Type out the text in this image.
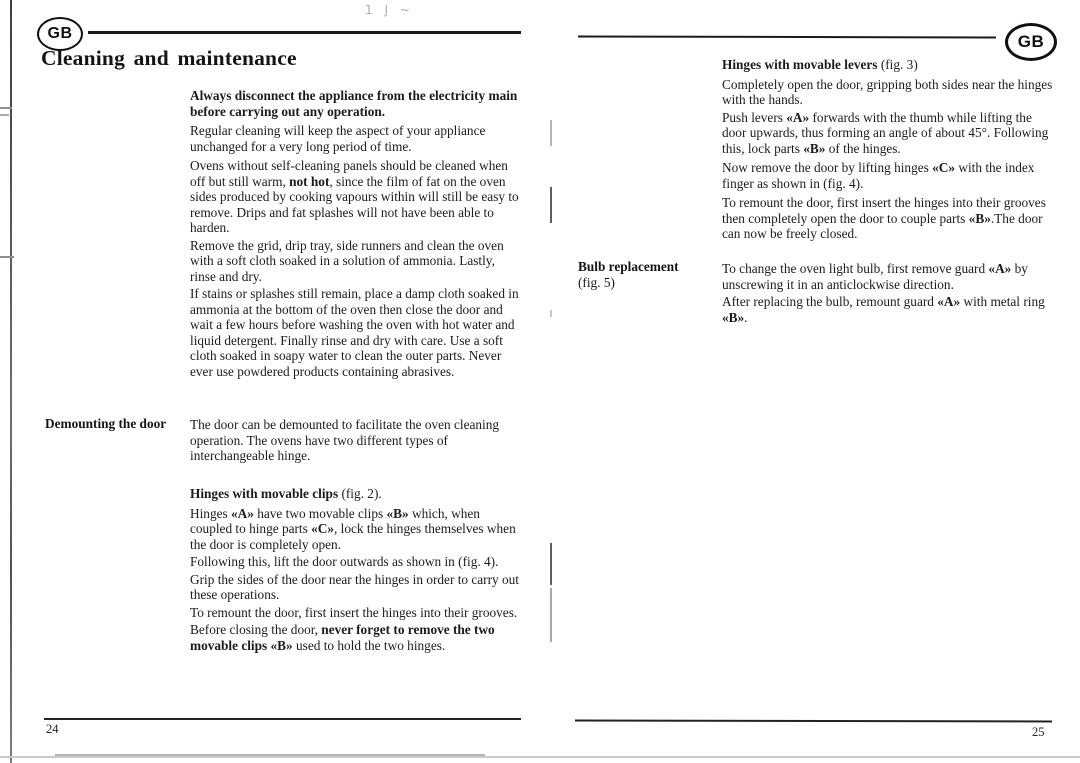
GB
Cleaning and maintenance

Always disconnect the appliance from the electricity main before carrying out any operation.

Regular cleaning will keep the aspect of your appliance unchanged for a very long period of time.

Ovens without self-cleaning panels should be cleaned when off but still warm, not hot, since the film of fat on the oven sides produced by cooking vapours within will still be easy to remove. Drips and fat splashes will not have been able to harden.

Remove the grid, drip tray, side runners and clean the oven with a soft cloth soaked in a solution of ammonia. Lastly, rinse and dry.

If stains or splashes still remain, place a damp cloth soaked in ammonia at the bottom of the oven then close the door and wait a few hours before washing the oven with hot water and liquid detergent. Finally rinse and dry with care. Use a soft cloth soaked in soapy water to clean the outer parts. Never ever use powdered products containing abrasives.

Demounting the door The door can be demounted to facilitate the oven cleaning operation. The ovens have two different types of interchangeable hinge.

Hinges with movable clips (fig. 2).

Hinges «A» have two movable clips «B» which, when coupled to hinge parts «C», lock the hinges themselves when the door is completely open.

Following this, lift the door outwards as shown in (fig. 4).

Grip the sides of the door near the hinges in order to carry out these operations.

To remount the door, first insert the hinges into their grooves.

Before closing the door, never forget to remove the two movable clips «B» used to hold the two hinges.

24
GB

Hinges with movable levers (fig. 3)

Completely open the door, gripping both sides near the hinges with the hands.

Push levers «A» forwards with the thumb while lifting the door upwards, thus forming an angle of about 45°. Following this, lock parts «B» of the hinges.

Now remove the door by lifting hinges «C» with the index finger as shown in (fig. 4).

To remount the door, first insert the hinges into their grooves then completely open the door to couple parts «B».The door can now be freely closed.

Bulb replacement
(fig. 5)

To change the oven light bulb, first remove guard «A» by unscrewing it in an anticlockwise direction.

After replacing the bulb, remount guard «A» with metal ring «B».

25
1 J ~
